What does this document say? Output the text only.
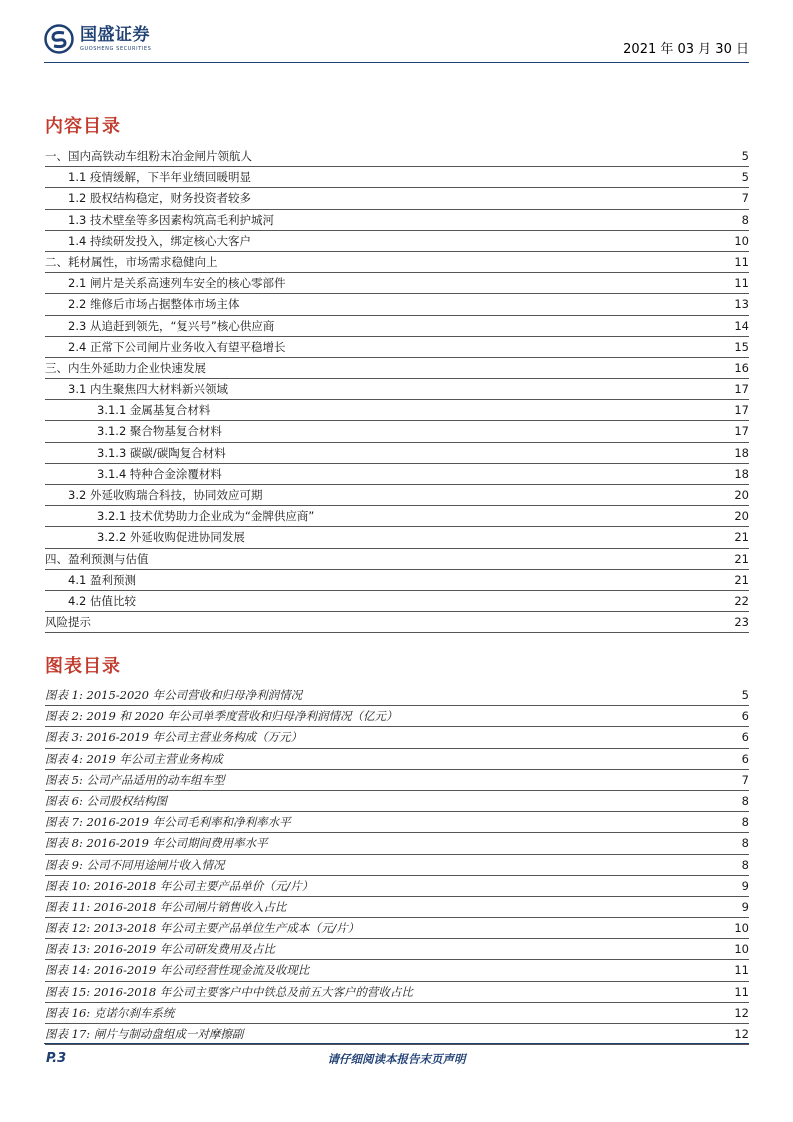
国盛证券
GUOSHENG SECURITIES	2021 年 03 月 30 日
内容目录
一、国内高铁动车组粉末冶金闸片领航人	5
1.1 疫情缓解，下半年业绩回暖明显	5
1.2 股权结构稳定，财务投资者较多	7
1.3 技术壁垒等多因素构筑高毛利护城河	8
1.4 持续研发投入，绑定核心大客户	10
二、耗材属性，市场需求稳健向上	11
2.1 闸片是关系高速列车安全的核心零部件	11
2.2 维修后市场占据整体市场主体	13
2.3 从追赶到领先，“复兴号”核心供应商	14
2.4 正常下公司闸片业务收入有望平稳增长	15
三、内生外延助力企业快速发展	16
3.1 内生聚焦四大材料新兴领域	17
3.1.1 金属基复合材料	17
3.1.2 聚合物基复合材料	17
3.1.3 碳碳/碳陶复合材料	18
3.1.4 特种合金涂覆材料	18
3.2 外延收购瑞合科技，协同效应可期	20
3.2.1 技术优势助力企业成为“金牌供应商”	20
3.2.2 外延收购促进协同发展	21
四、盈利预测与估值	21
4.1 盈利预测	21
4.2 估值比较	22
风险提示	23
图表目录
图表 1: 2015-2020 年公司营收和归母净利润情况	5
图表 2: 2019 和 2020 年公司单季度营收和归母净利润情况（亿元）	6
图表 3: 2016-2019 年公司主营业务构成（万元）	6
图表 4: 2019 年公司主营业务构成	6
图表 5: 公司产品适用的动车组车型	7
图表 6: 公司股权结构图	8
图表 7: 2016-2019 年公司毛利率和净利率水平	8
图表 8: 2016-2019 年公司期间费用率水平	8
图表 9: 公司不同用途闸片收入情况	8
图表 10: 2016-2018 年公司主要产品单价（元/片）	9
图表 11: 2016-2018 年公司闸片销售收入占比	9
图表 12: 2013-2018 年公司主要产品单位生产成本（元/片）	10
图表 13: 2016-2019 年公司研发费用及占比	10
图表 14: 2016-2019 年公司经营性现金流及收现比	11
图表 15: 2016-2018 年公司主要客户中中铁总及前五大客户的营收占比	11
图表 16: 克诺尔刹车系统	12
图表 17: 闸片与制动盘组成一对摩擦副	12
P.3	请仔细阅读本报告末页声明
